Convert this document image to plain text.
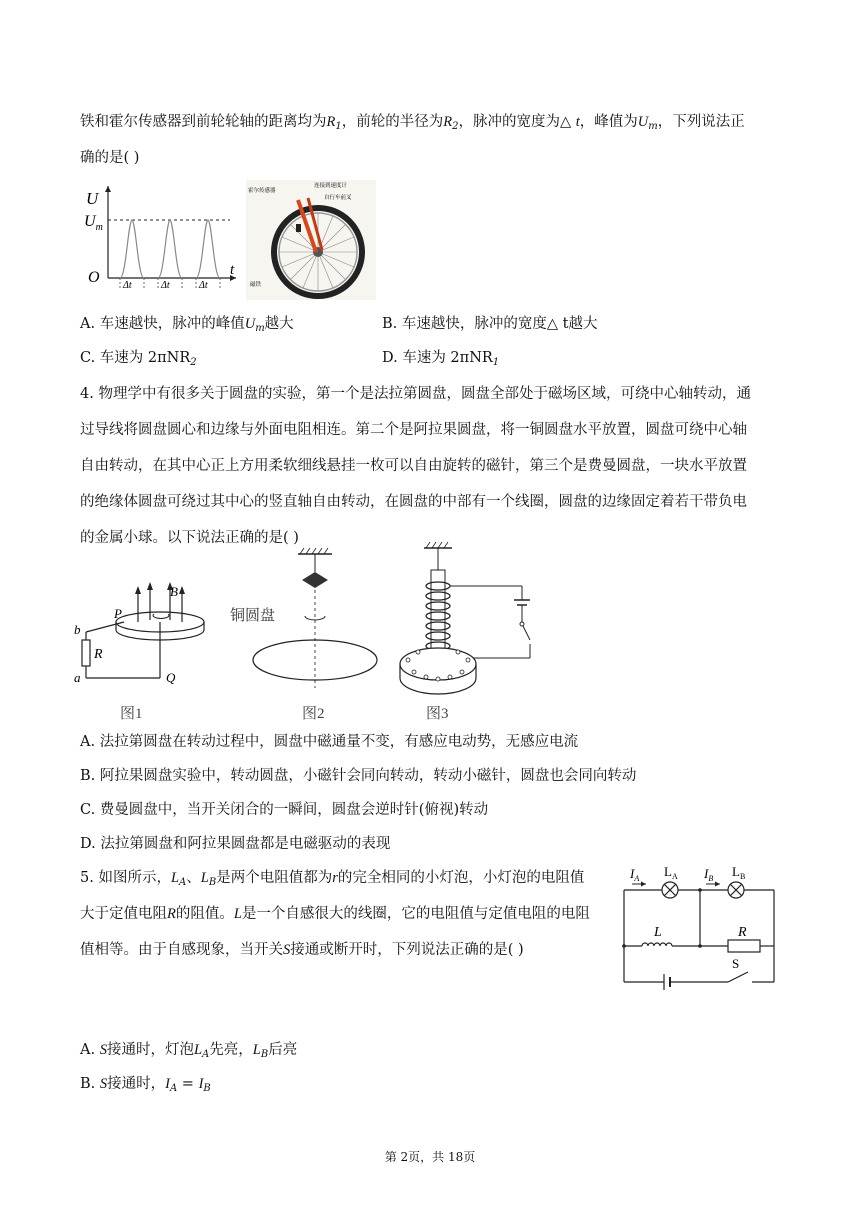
铁和霍尔传感器到前轮轮轴的距离均为$R_1$，前轮的半径为$R_2$，脉冲的宽度为△ t，峰值为$U_m$，下列说法正
确的是( )
U
$U_m$
O	t
Δt	Δt	Δt
霍尔传感器
连接到速度计
自行车前叉
磁铁
A. 车速越快，脉冲的峰值$U_m$越大	B. 车速越快，脉冲的宽度△ t越大
C. 车速为 2πNR$_2$	D. 车速为 2πNR$_1$
4. 物理学中有很多关于圆盘的实验，第一个是法拉第圆盘，圆盘全部处于磁场区域，可绕中心轴转动，通
过导线将圆盘圆心和边缘与外面电阻相连。第二个是阿拉果圆盘，将一铜圆盘水平放置，圆盘可绕中心轴
自由转动，在其中心正上方用柔软细线悬挂一枚可以自由旋转的磁针，第三个是费曼圆盘，一块水平放置
的绝缘体圆盘可绕过其中心的竖直轴自由转动，在圆盘的中部有一个线圈，圆盘的边缘固定着若干带负电
的金属小球。以下说法正确的是( )
b
R
a
P
Q
B
图1
铜圆盘
图2	图3
A. 法拉第圆盘在转动过程中，圆盘中磁通量不变，有感应电动势，无感应电流
B. 阿拉果圆盘实验中，转动圆盘，小磁针会同向转动，转动小磁针，圆盘也会同向转动
C. 费曼圆盘中，当开关闭合的一瞬间，圆盘会逆时针(俯视)转动
D. 法拉第圆盘和阿拉果圆盘都是电磁驱动的表现
5. 如图所示，$L_A$、$L_B$是两个电阻值都为r的完全相同的小灯泡，小灯泡的电阻值
大于定值电阻R的阻值。L是一个自感很大的线圈，它的电阻值与定值电阻的电阻
值相等。由于自感现象，当开关S接通或断开时，下列说法正确的是( )
$I_A$ $L_A$ $I_B$ $L_B$
L	R
S
A. S接通时，灯泡$L_A$先亮，$L_B$后亮
B. S接通时，$I_A = I_B$
第 2页，共 18页
